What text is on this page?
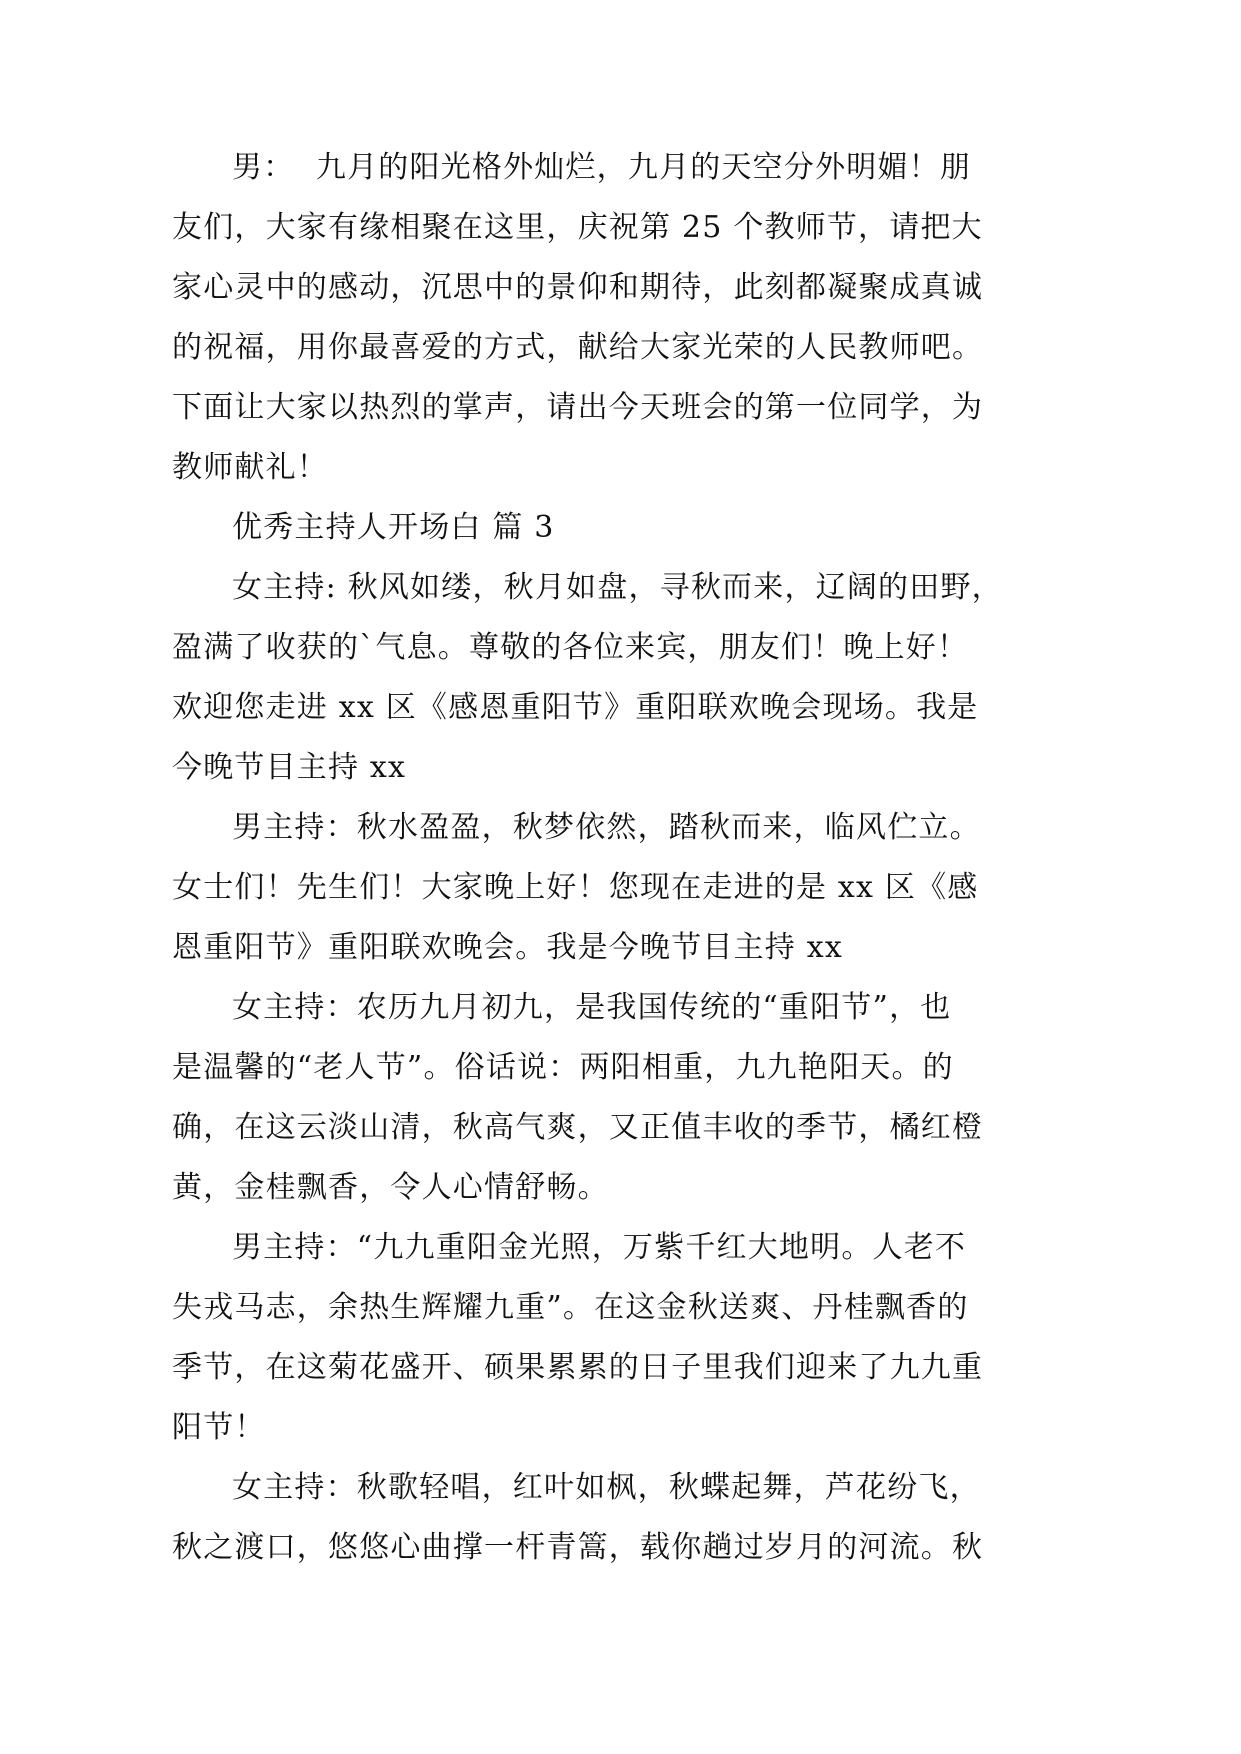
男：  九月的阳光格外灿烂，九月的天空分外明媚！朋

友们，大家有缘相聚在这里，庆祝第 25 个教师节，请把大

家心灵中的感动，沉思中的景仰和期待，此刻都凝聚成真诚

的祝福，用你最喜爱的方式，献给大家光荣的人民教师吧。

下面让大家以热烈的掌声，请出今天班会的第一位同学，为

教师献礼！

优秀主持人开场白 篇 3

女主持: 秋风如缕，秋月如盘，寻秋而来，辽阔的田野，

盈满了收获的`气息。尊敬的各位来宾，朋友们！晚上好！

欢迎您走进 xx 区《感恩重阳节》重阳联欢晚会现场。我是

今晚节目主持 xx

男主持：秋水盈盈，秋梦依然，踏秋而来，临风伫立。

女士们！先生们！大家晚上好！您现在走进的是 xx 区《感

恩重阳节》重阳联欢晚会。我是今晚节目主持 xx

女主持：农历九月初九，是我国传统的“重阳节”，也

是温馨的“老人节”。俗话说：两阳相重，九九艳阳天。的

确，在这云淡山清，秋高气爽，又正值丰收的季节，橘红橙

黄，金桂飘香，令人心情舒畅。

男主持：“九九重阳金光照，万紫千红大地明。人老不

失戎马志，余热生辉耀九重”。在这金秋送爽、丹桂飘香的

季节，在这菊花盛开、硕果累累的日子里我们迎来了九九重

阳节！

女主持：秋歌轻唱，红叶如枫，秋蝶起舞，芦花纷飞，

秋之渡口，悠悠心曲撑一杆青篙，载你趟过岁月的河流。秋
